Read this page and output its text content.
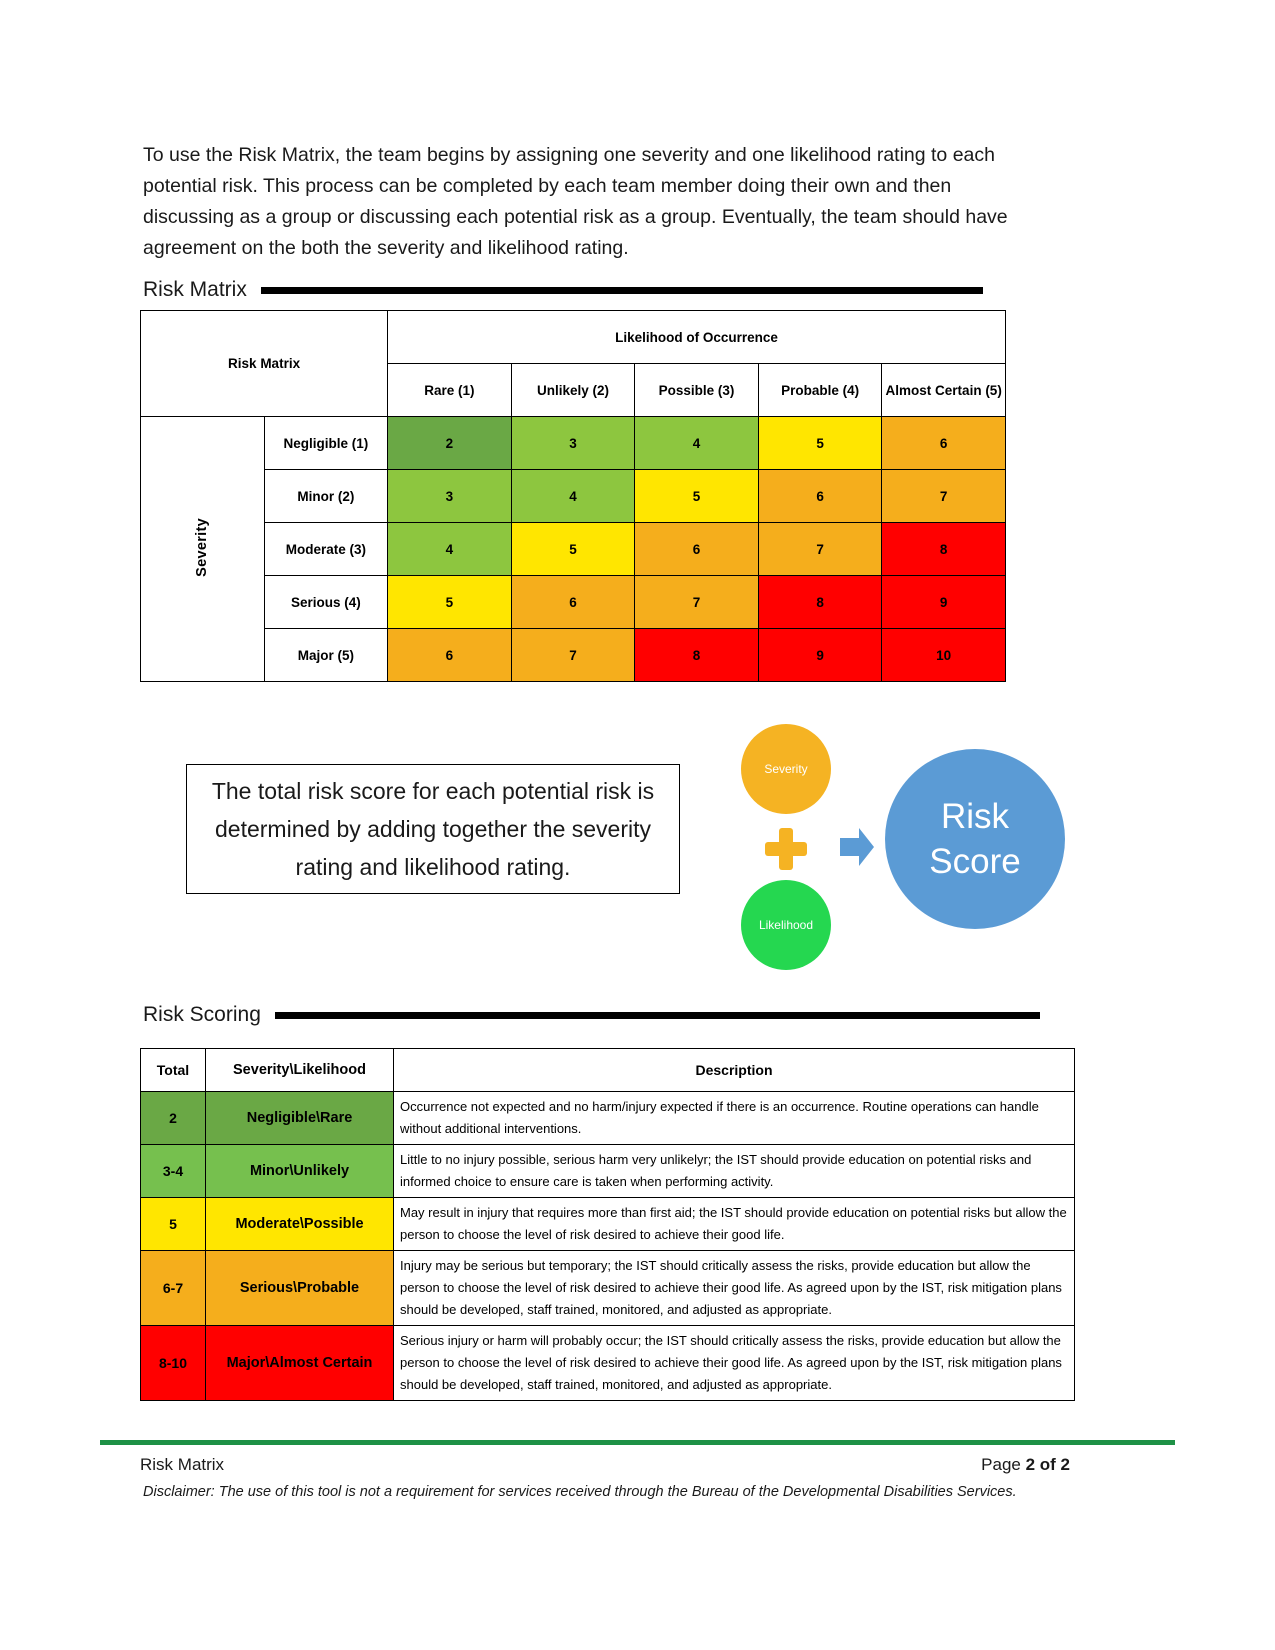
To use the Risk Matrix, the team begins by assigning one severity and one likelihood rating to each potential risk. This process can be completed by each team member doing their own and then discussing as a group or discussing each potential risk as a group. Eventually, the team should have agreement on the both the severity and likelihood rating.
Risk Matrix
Risk Matrix		Likelihood of Occurrence				
		Rare (1)	Unlikely (2)	Possible (3)	Probable (4)	Almost Certain (5)
Severity	Negligible (1)	2	3	4	5	6
	Minor (2)	3	4	5	6	7
	Moderate (3)	4	5	6	7	8
	Serious (4)	5	6	7	8	9
	Major (5)	6	7	8	9	10
The total risk score for each potential risk is determined by adding together the severity rating and likelihood rating.
Severity
Likelihood
Risk
Score
Risk Scoring
Total	Severity\Likelihood	Description
2	Negligible\Rare	Occurrence not expected and no harm/injury expected if there is an occurrence. Routine operations can handle without additional interventions.
3-4	Minor\Unlikely	Little to no injury possible, serious harm very unlikelyr; the IST should provide education on potential risks and informed choice to ensure care is taken when performing activity.
5	Moderate\Possible	May result in injury that requires more than first aid; the IST should provide education on potential risks but allow the person to choose the level of risk desired to achieve their good life.
6-7	Serious\Probable	Injury may be serious but temporary; the IST should critically assess the risks, provide education but allow the person to choose the level of risk desired to achieve their good life. As agreed upon by the IST, risk mitigation plans should be developed, staff trained, monitored, and adjusted as appropriate.
8-10	Major\Almost Certain	Serious injury or harm will probably occur; the IST should critically assess the risks, provide education but allow the person to choose the level of risk desired to achieve their good life. As agreed upon by the IST, risk mitigation plans should be developed, staff trained, monitored, and adjusted as appropriate.
Risk Matrix	Page 2 of 2
Disclaimer: The use of this tool is not a requirement for services received through the Bureau of the Developmental Disabilities Services.
